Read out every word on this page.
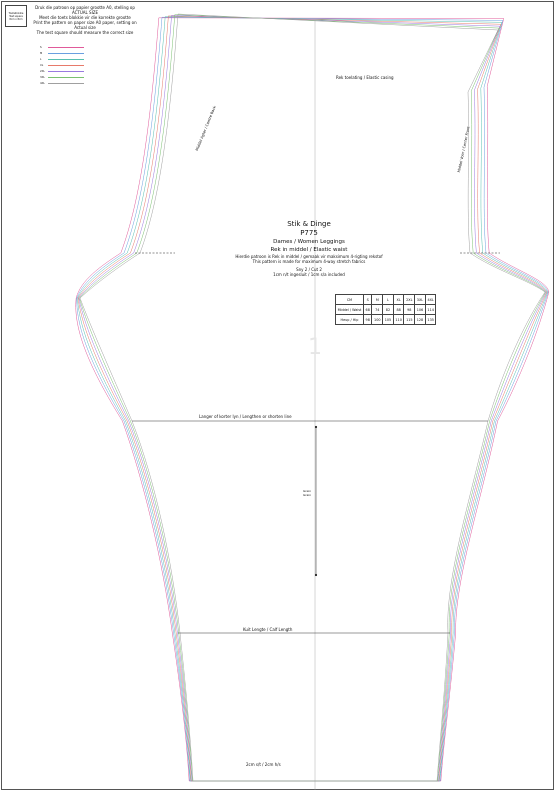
Toetsblokkie
Test square
8cm x 8cm
Druk die patroon op papier grootte A0, stelling op ACTUAL SIZE
Meet die toets blokkie vir die korrekte grootte
Print the pattern on paper size A0 paper, setting on Actual size
The test square should measure the correct size
S
M
L
XL
2XL
3XL
4XL
Rek toelating / Elastic casing
Middel Agter / Centre Back	Middel Voor / Center Front
Stik & Dinge
P775
Dames / Women Leggings
Rek in middel / Elastic waist
Hierdie patroon is Rek in middel / gemaak vir maksimum 4-rigting rekstof
This pattern is made for maximum 4-way stretch fabrics
Sny 2 / Cut 2
1cm n/t ingesluit / 1cm s/a included
CM	S	M	L	XL	2XL	3XL	4XL
Middel / Waist	68	74	82	88	98	106	114
Heup / Hip	98	100	105	110	115	128	135
1
Langer of korter lyn / Lengthen or shorten line
Grein
Grain
Kuit Lengte / Calf Length
2cm s/t / 2cm h/s
